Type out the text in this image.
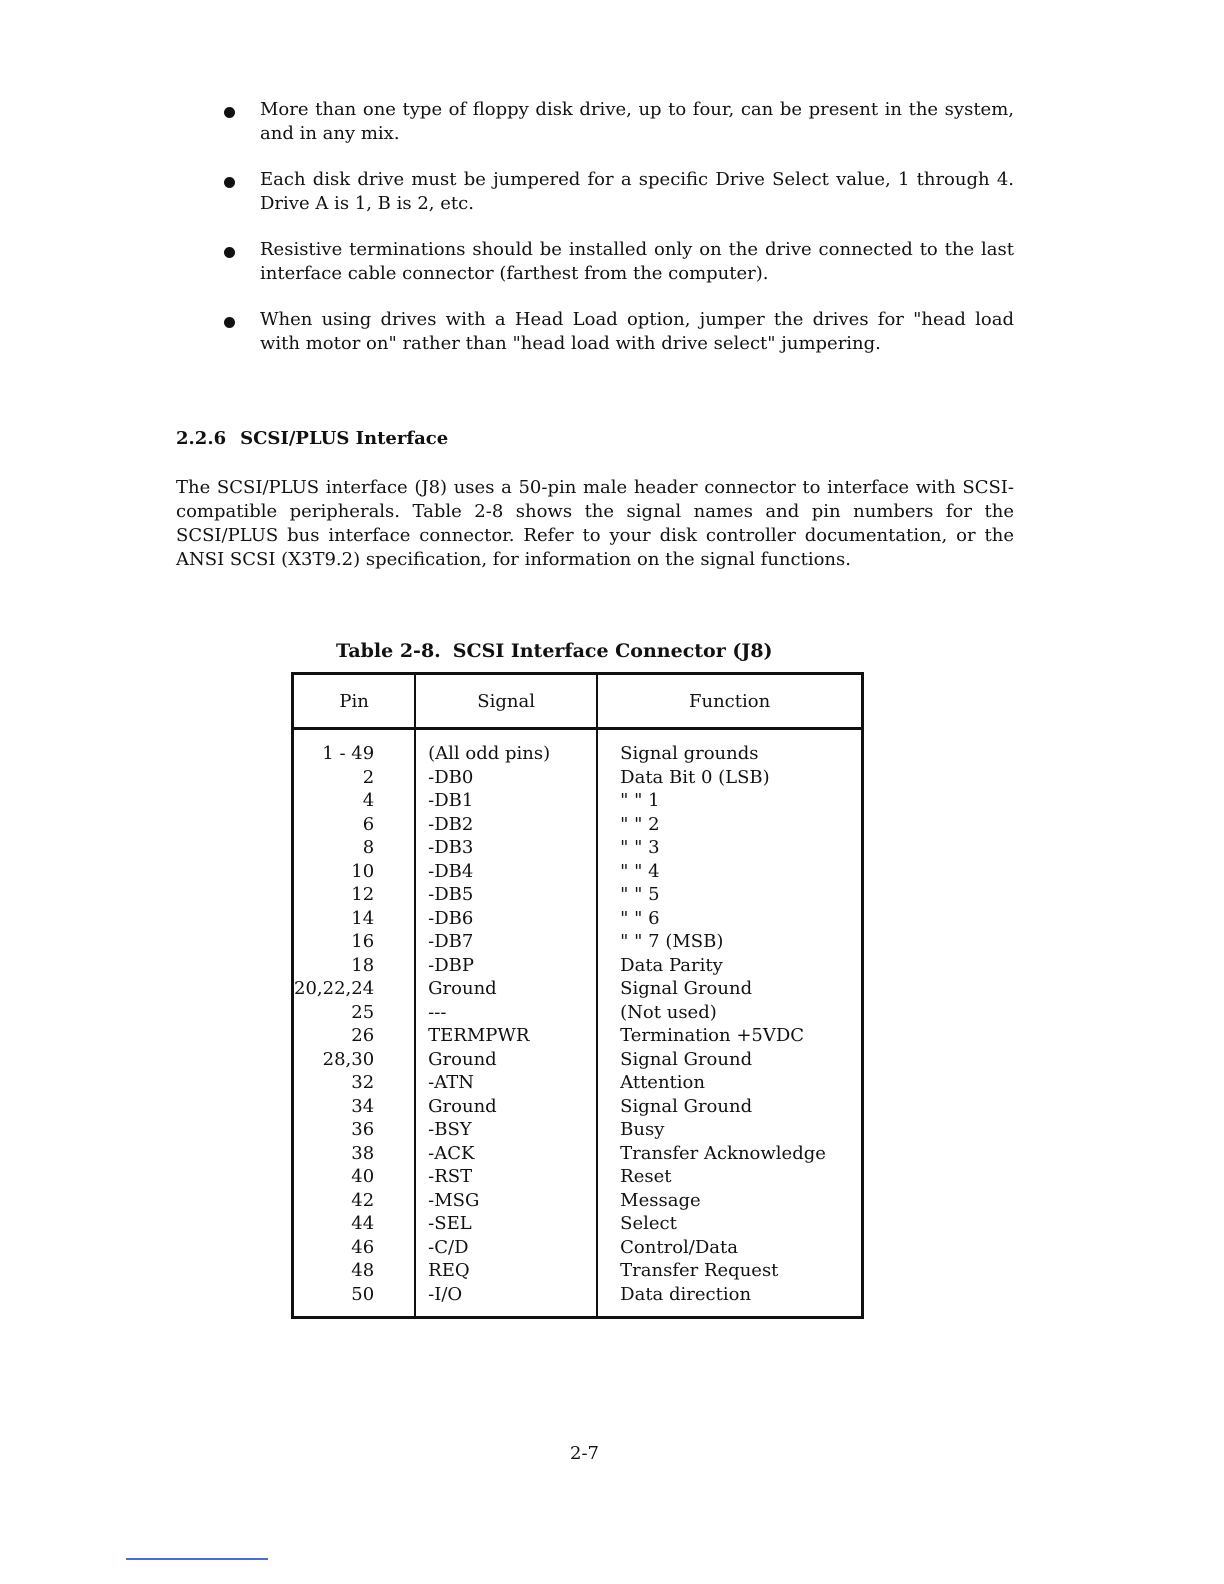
More than one type of floppy disk drive, up to four, can be present in the system, and in any mix.
Each disk drive must be jumpered for a specific Drive Select value, 1 through 4. Drive A is 1, B is 2, etc.
Resistive terminations should be installed only on the drive connected to the last interface cable connector (farthest from the computer).
When using drives with a Head Load option, jumper the drives for "head load with motor on" rather than "head load with drive select" jumpering.
2.2.6 SCSI/PLUS Interface
The SCSI/PLUS interface (J8) uses a 50-pin male header connector to interface with SCSI-compatible peripherals. Table 2-8 shows the signal names and pin numbers for the SCSI/PLUS bus interface connector. Refer to your disk controller documentation, or the ANSI SCSI (X3T9.2) specification, for information on the signal functions.
Table 2-8. SCSI Interface Connector (J8)
Pin	Signal	Function
1 - 49	(All odd pins)	Signal grounds
2	-DB0	Data Bit 0 (LSB)
4	-DB1	" " 1
6	-DB2	" " 2
8	-DB3	" " 3
10	-DB4	" " 4
12	-DB5	" " 5
14	-DB6	" " 6
16	-DB7	" " 7 (MSB)
18	-DBP	Data Parity
20,22,24	Ground	Signal Ground
25	---	(Not used)
26	TERMPWR	Termination +5VDC
28,30	Ground	Signal Ground
32	-ATN	Attention
34	Ground	Signal Ground
36	-BSY	Busy
38	-ACK	Transfer Acknowledge
40	-RST	Reset
42	-MSG	Message
44	-SEL	Select
46	-C/D	Control/Data
48	REQ	Transfer Request
50	-I/O	Data direction
2-7
